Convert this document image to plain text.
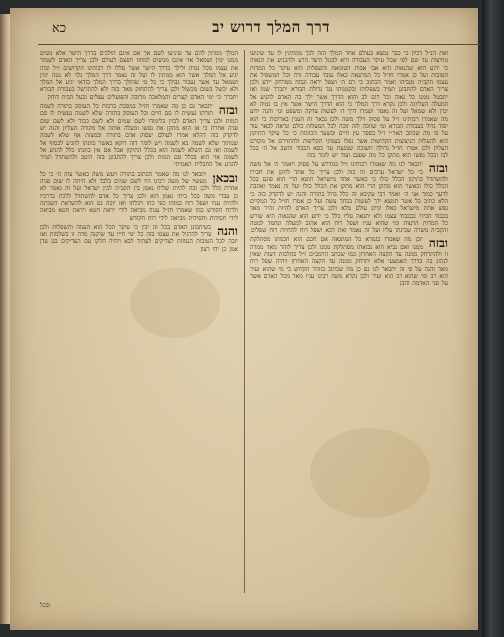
דרך המלך דרוש יב
כא

ואת הנ״ל דכיון כי כבר נמצא בעולם אחד המלך הזה לכך ממתינין לו עד שיגיעו מחיצות עד שם לפי שכל עיקר העבודה היא לבטל היצר הרע ולהכניע את הגאוה כי ידוע הוא שהגאוה היא אבי אבות הטומאה והשפלות היא עיקר כל המדות הטובות ועל כן אמרו חז״ל כל המתגאה כאלו עובד עבודה זרה וכל המשפיל את עצמו הקב״ה מגביהו ואמר הכתוב כי רם ה׳ ושפל יראה וגבוה ממרחק יידע ולכן צריך האדם להתבונן תמיד בשפלותו ובקטנותו נגד גדולת הבורא יתברך שמו ואז יתבטל ממנו כל גאוה וכל רום לב והוא הדרך אשר ילך בה האדם להגיע אל המעלה העליונה ולכן נקרא דרך המלך כי הוא הדרך הישר אשר אין בו נטיה לא ימין ולא שמאל ועל זה נאמר ושמרו דרך ה׳ לעשות צדקה ומשפט וגו׳ והנה ידוע מה שאמרו רבותינו ז״ל על פסוק וילך משה ולכן נבאר זה הענין באריכות כי הוא יסוד גדול בעבודת הבורא ומי שזוכה לזה זוכה לכל המעלות כולם ונראה לבאר עוד על פי מה שכתב האר״י ז״ל בספר עץ חיים ובשער הכוונות כי כל עיקר התיקון הוא להעלות הניצוצות הקדושות אשר נפלו בעמקי הקליפות ולהחזירם אל מקורם העליון ולכן אמרו חז״ל גדולה תשובה שמגעת עד כסא הכבוד והשב אל ה׳ בכל לבו ובכל נפשו הוא מתקן כל מה שפגם ועוד יש לומר בזה

ובזה
יתבאר לנו מה שאמרו רבותינו ז״ל במדרש על פסוק ויאמר ה׳ אל משה כי כל ישראל ערבים זה בזה ולכן צריך כל אחד לתקן את חבירו ולהשתדל בתיקון הכלל כולו כי כאשר אחד מישראל חוטא הרי הוא פוגם בכל הכלל כולו וכאשר הוא מתקן הרי הוא מתקן את הכלל כולו ועל זה נאמר ואהבת לרעך כמוך אני ה׳ ואמר רבי עקיבא זה כלל גדול בתורה והנה יש לדקדק בזה כי הלא כתיב כל אשר תמצא ידך לעשות בכחך עשה ועל כן אמרו חז״ל כל המקיים נפש אחת מישראל כאלו קיים עולם מלא ולכן צריך האדם להיות זהיר מאד בכבוד חבירו כבכבוד עצמו ולא יתגאה עליו כלל כי ידוע הוא שהגאוה היא שורש כל המדות הרעות ומי שהוא עניו ושפל רוח הוא אהוב למעלה ונחמד למטה והקב״ה משרה שכינתו עליו ועל זה נאמר ואת דכא ושפל רוח להחיות רוח שפלים

ובזה
יובן מה שאמרו בגמרא כל המתגאה אם חכם הוא חכמתו מסתלקת ממנו ואם נביא הוא נבואתו מסתלקת ממנו ולכן צריך לזהר מאד ממדה זו ולהתרחק ממנה עד הקצה האחרון כמו שכתב הרמב״ם ז״ל בהלכות דעות שאין לנהוג בה בדרך האמצעי אלא יתרחק ממנה עד הקצה האחרון ויהיה שפל רוח מאד והנה על פי זה יתבאר לנו גם כן מה שכתוב בזוהר הקדוש כי מי שהוא זעיר הוא רב ומי שהוא רב הוא זעיר ולכן נקרא משה רבינו עניו מאד מכל האדם אשר על פני האדמה והבן

המלך ממתין להם עד שיגיעו לשם אך אם אינם הולכים בדרך הישר אלא נוטים ממנו ימין ושמאל אזי אינם מגיעים למחוז חפצם לעולם ולכן צריך האדם לשמור את עצמו מכל נטיה ולילך בדרך הישר אשר סללו לו רבותינו הקדושים ז״ל ובזה יגיע אל המלך אשר הוא ממתין לו ועל זה נאמר דרך המלך נלך לא נטה ימין ושמאל עד אשר נעבור גבולך כי כל מי שהולך בדרך המלך בודאי יגיע אל המלך ולא יכשל בשום מכשול ולכן צריך להתחזק מאד בזה ולא להתרשל בעבודת הבורא יתברך כי ימי האדם קצרים והמלאכה מרובה והפועלים עצלים ובעל הבית דוחק

ובזה
יתבאר גם כן מה שאמרו חז״ל במסכת ברכות כל העוסק בתורה לשמה תורתו נעשית לו סם חיים וכל העוסק בתורה שלא לשמה נעשית לו סם המות ולכן צריך האדם לכוין בלימודו לשם שמים ולא לשם כבוד ולא לשם שום פניה אחרת כי אז הוא מתקן את נפשו ומעלה אותה אל מקורה העליון והנה יש לדקדק בזה דהלא אמרו לעולם יעסוק אדם בתורה ובמצות אף שלא לשמה שמתוך שלא לשמה בא לשמה ויש לומר דזה דוקא כאשר כוונתו להגיע לבסוף אל לשמה ואז גם השלא לשמה הוא בכלל התיקון אבל אם אין כוונתו כלל להגיע אל לשמה אזי הוא בכלל סם המות ולכן צריך להתבונן בזה היטב ולהשתדל תמיד להגיע אל התכלית האמיתי

ובכאן
יתבאר לנו מה שאמר הכתוב בתורה ויעש משה כאשר צוה ה׳ כי כל מעשיו של משה רבינו היו לשם שמים בלבד ולא היתה לו שום פניה אחרת כלל ולכן זכה להיות שליח נאמן בין הקב״ה לבין ישראל ועל זה נאמר לא כן עבדי משה בכל ביתי נאמן הוא ולכן צריך כל אדם להשתדל ללכת בדרכיו ולהיות עניו ושפל רוח כמוהו כפי כחו ויכלתו ואז יזכה גם הוא להשראת השכינה ולרוח הקודש כמו שאמרו חז״ל ענוה מביאה לידי יראת חטא ויראת חטא מביאה לידי חסידות וחסידות מביאה לידי רוח הקודש

והנה
כשיתבונן האדם בכל זה יבין כי עיקר הכל הוא הענוה והשפלות ולכן צריך להרגיל את עצמו בזה כל ימי חייו עד שיקנה מדה זו בשלמות ואז יזכה לכל הטובות הגנוזות לצדיקים לעתיד לבא ויהיה חלקו עם הצדיקים בגן עדן אמן כן יהי רצון

ובכל
